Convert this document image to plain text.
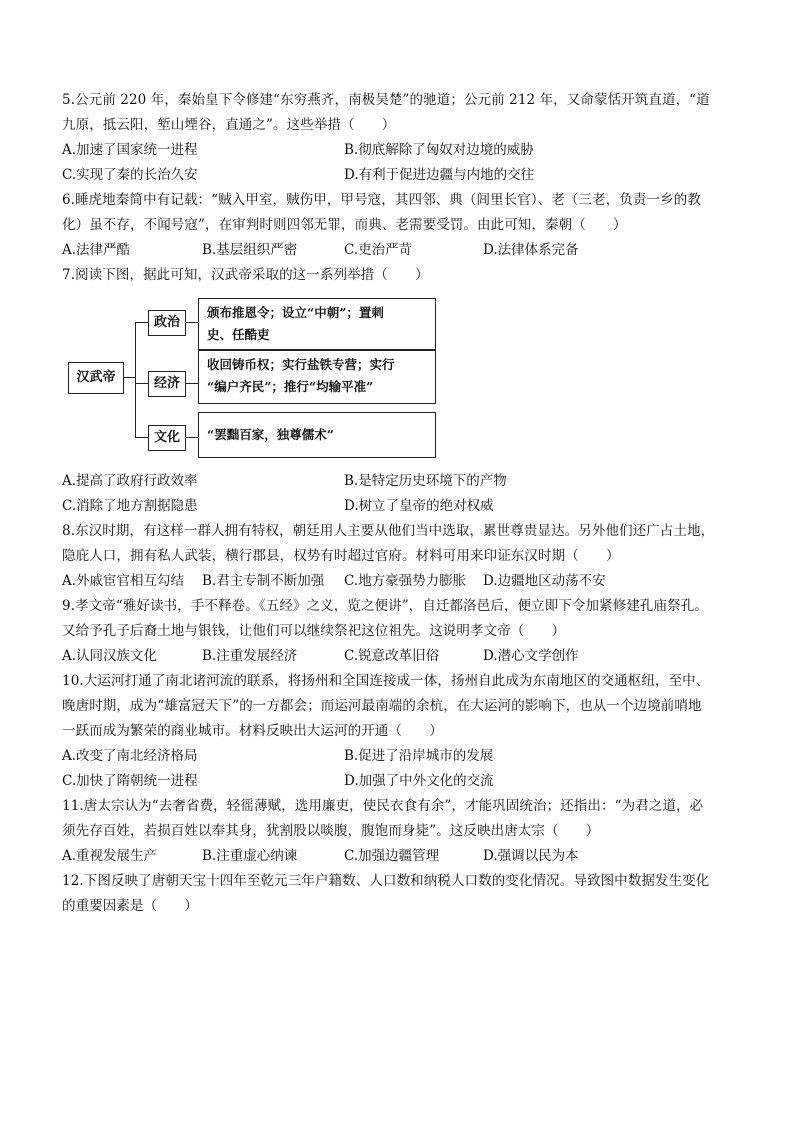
5.公元前 220 年，秦始皇下令修建“东穷燕齐，南极吴楚”的驰道；公元前 212 年，又命蒙恬开筑直道，“道
九原，抵云阳，堑山堙谷，直通之”。这些举措（　　）
A.加速了国家统一进程	B.彻底解除了匈奴对边境的威胁
C.实现了秦的长治久安	D.有利于促进边疆与内地的交往
6.睡虎地秦简中有记载：“贼入甲室，贼伤甲，甲号寇，其四邻、典（闾里长官）、老（三老，负责一乡的教
化）虽不存，不闻号寇”，在审判时则四邻无罪，而典、老需要受罚。由此可知，秦朝（　　）
A.法律严酷	B.基层组织严密	C.吏治严苛	D.法律体系完备
7.阅读下图，据此可知，汉武帝采取的这一系列举措（　　）
汉武帝
政治
经济
文化
颁布推恩令；设立“中朝”；置刺
史、任酷吏
收回铸币权；实行盐铁专营；实行
“编户齐民”；推行“均输平准”
“罢黜百家，独尊儒术”
A.提高了政府行政效率	B.是特定历史环境下的产物
C.消除了地方割据隐患	D.树立了皇帝的绝对权威
8.东汉时期，有这样一群人拥有特权，朝廷用人主要从他们当中选取，累世尊贵显达。另外他们还广占土地，
隐庇人口，拥有私人武装，横行郡县，权势有时超过官府。材料可用来印证东汉时期（　　）
A.外戚宦官相互勾结 B.君主专制不断加强 C.地方豪强势力膨胀 D.边疆地区动荡不安
9.孝文帝“雅好读书，手不释卷。《五经》之义，览之便讲”，自迁都洛邑后，便立即下令加紧修建孔庙祭孔。
又给予孔子后裔土地与银钱，让他们可以继续祭祀这位祖先。这说明孝文帝（　　）
A.认同汉族文化	B.注重发展经济	C.锐意改革旧俗	D.潜心文学创作
10.大运河打通了南北诸河流的联系，将扬州和全国连接成一体，扬州自此成为东南地区的交通枢纽，至中、
晚唐时期，成为“雄富冠天下”的一方都会；而运河最南端的余杭，在大运河的影响下，也从一个边境前哨地
一跃而成为繁荣的商业城市。材料反映出大运河的开通（　　）
A.改变了南北经济格局	B.促进了沿岸城市的发展
C.加快了隋朝统一进程	D.加强了中外文化的交流
11.唐太宗认为“去奢省费，轻徭薄赋，选用廉吏，使民衣食有余”，才能巩固统治；还指出：“为君之道，必
须先存百姓，若损百姓以奉其身，犹割股以啖腹，腹饱而身毙”。这反映出唐太宗（　　）
A.重视发展生产	B.注重虚心纳谏	C.加强边疆管理	D.强调以民为本
12.下图反映了唐朝天宝十四年至乾元三年户籍数、人口数和纳税人口数的变化情况。导致图中数据发生变化
的重要因素是（　　）
